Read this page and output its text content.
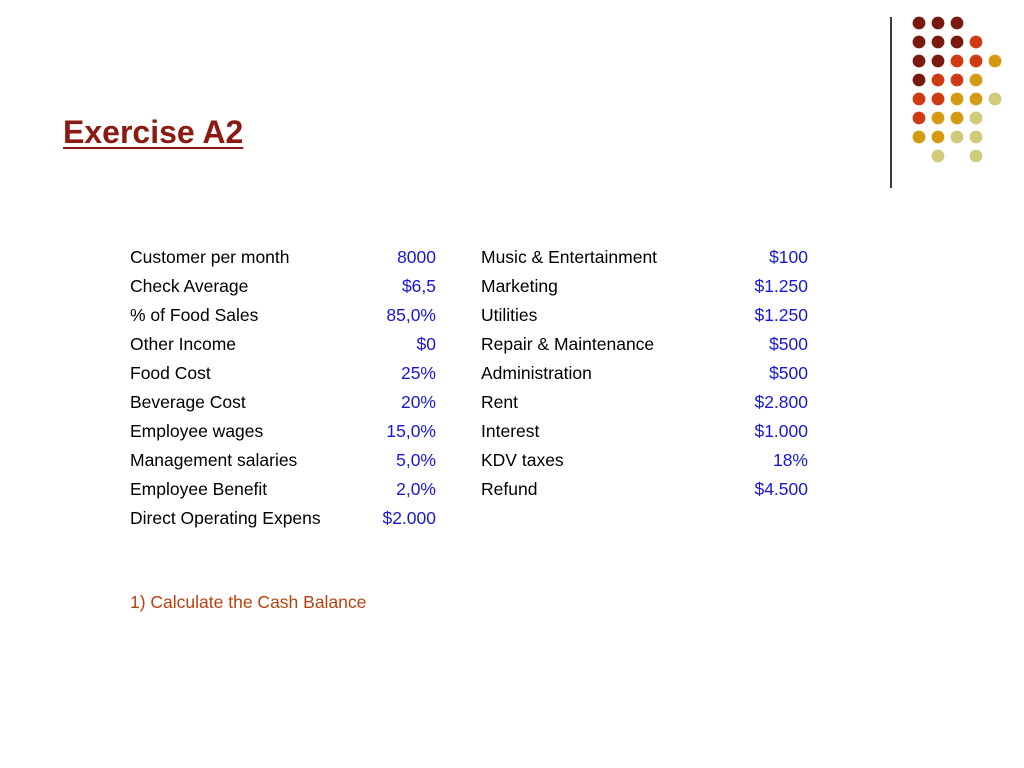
Exercise A2
Customer per month	8000
Check Average	$6,5
% of Food Sales	85,0%
Other Income	$0
Food Cost	25%
Beverage Cost	20%
Employee wages	15,0%
Management salaries	5,0%
Employee Benefit	2,0%
Direct Operating Expens	$2.000
Music & Entertainment	$100
Marketing	$1.250
Utilities	$1.250
Repair & Maintenance	$500
Administration	$500
Rent	$2.800
Interest	$1.000
KDV taxes	18%
Refund	$4.500
1) Calculate the Cash Balance
